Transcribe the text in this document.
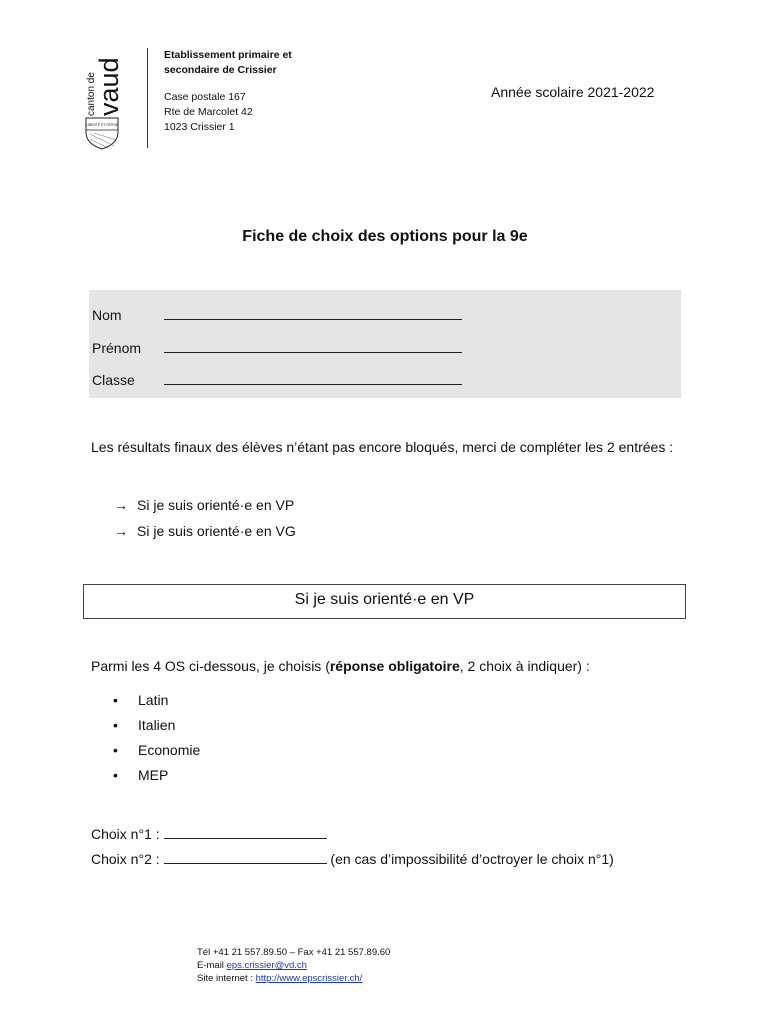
canton de
vaud
LIBERTÉ ET PATRIE
Etablissement primaire et
secondaire de Crissier
Case postale 167
Rte de Marcolet 42
1023 Crissier 1
Année scolaire 2021-2022
Fiche de choix des options pour la 9e
Nom
Prénom
Classe
Les résultats finaux des élèves n’étant pas encore bloqués, merci de compléter les 2 entrées :
→ Si je suis orienté·e en VP
→ Si je suis orienté·e en VG
Si je suis orienté·e en VP
Parmi les 4 OS ci-dessous, je choisis (réponse obligatoire, 2 choix à indiquer) :
• Latin
• Italien
• Economie
• MEP
Choix n°1 :
Choix n°2 :	(en cas d’impossibilité d’octroyer le choix n°1)
Tél +41 21 557.89.50 – Fax +41 21 557.89.60
E-mail eps.crissier@vd.ch
Site internet : http://www.epscrissier.ch/
